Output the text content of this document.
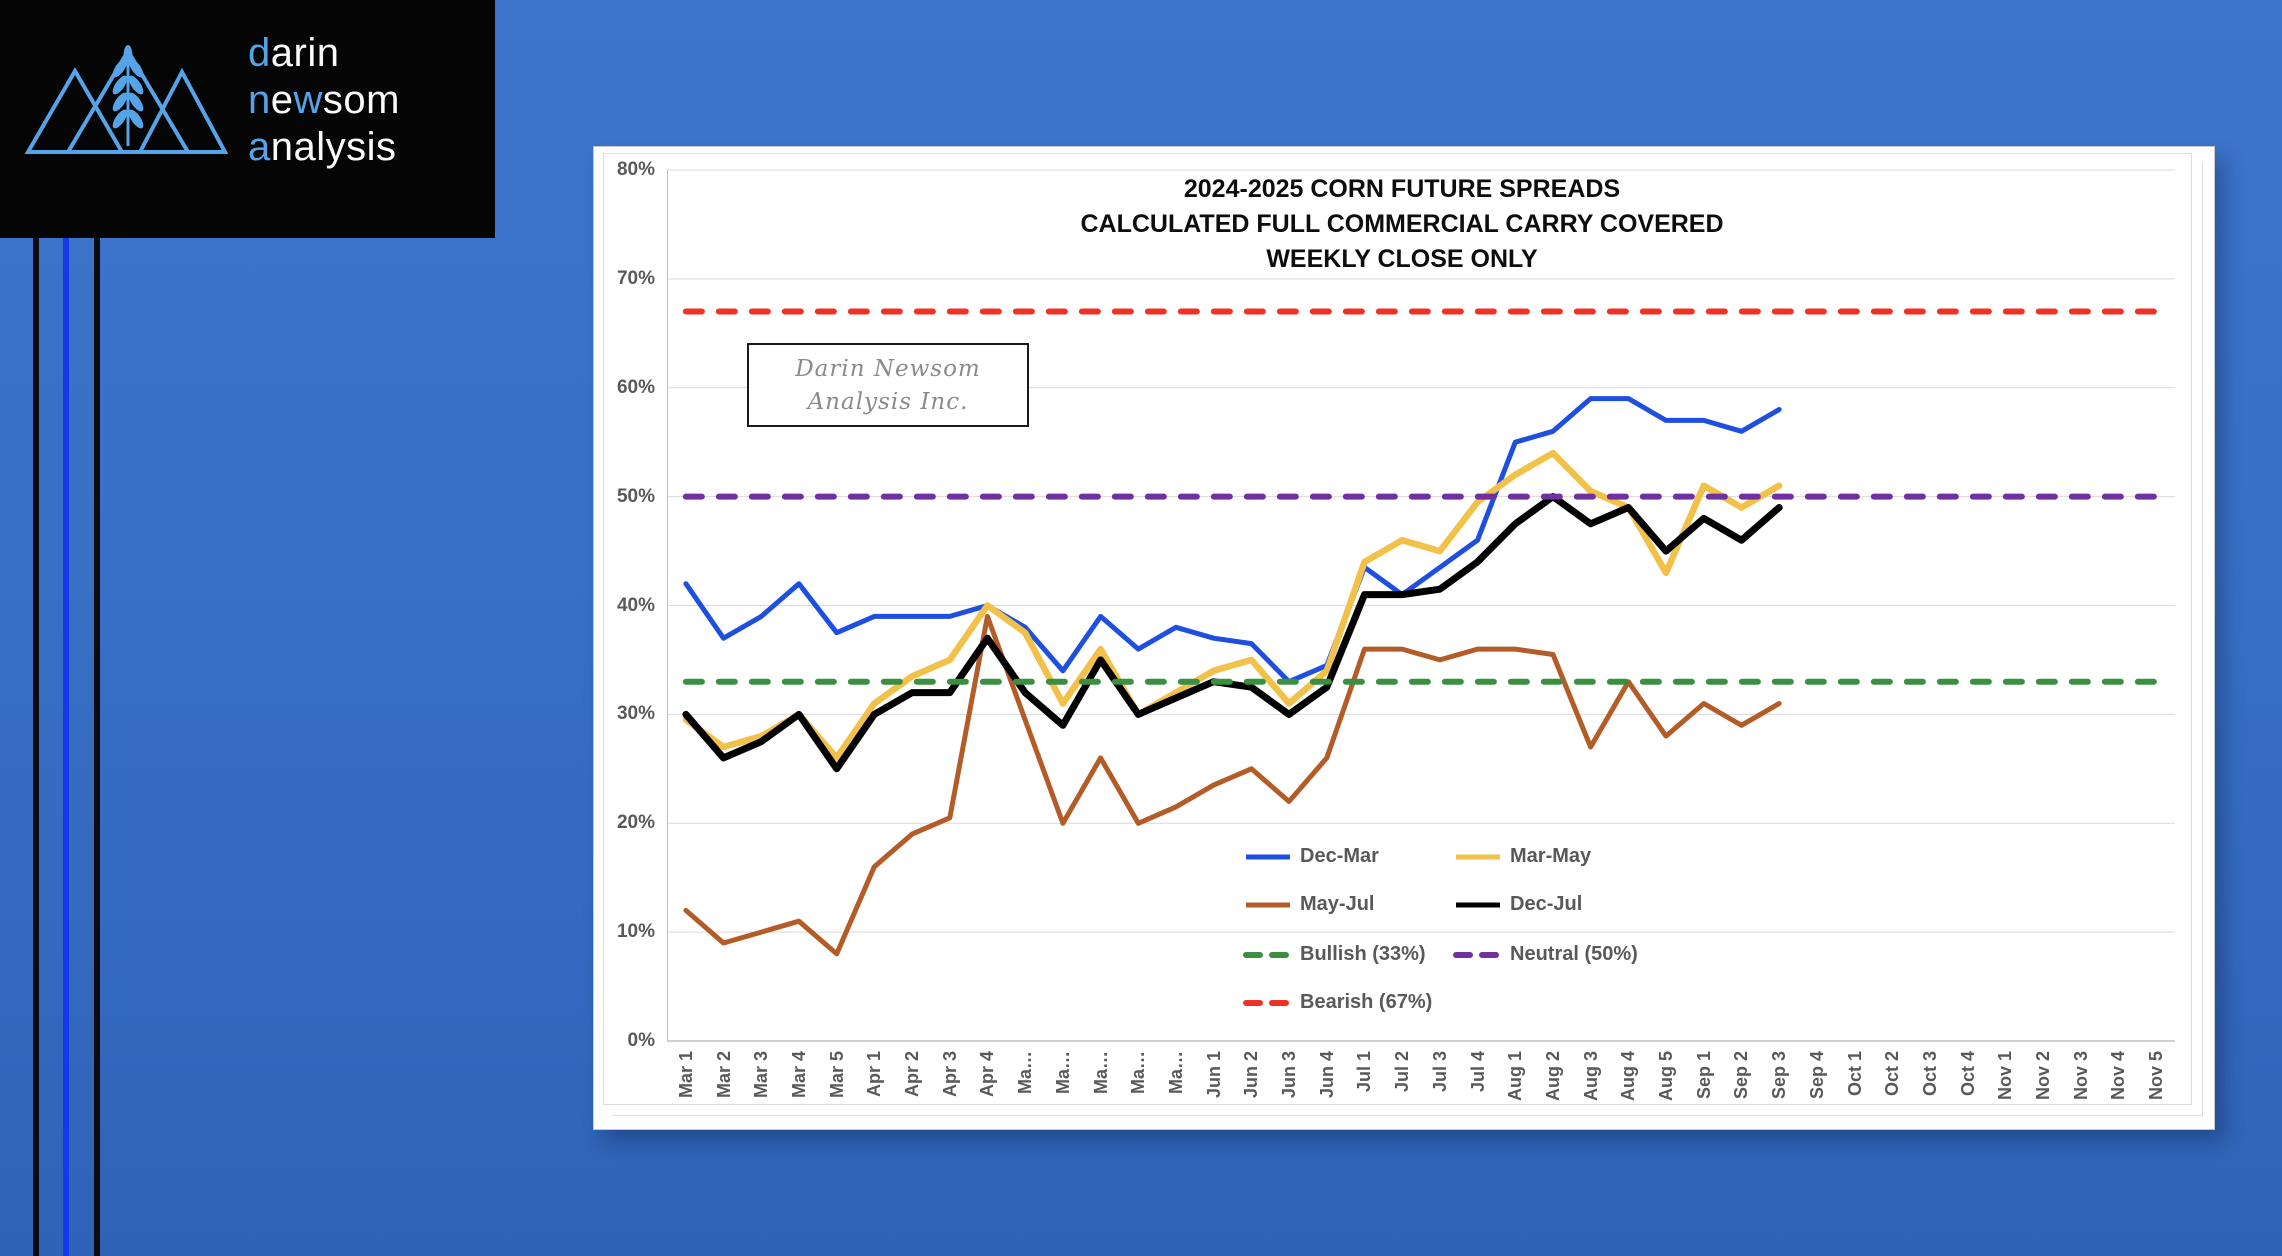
darin
newsom
analysis
2024-2025 CORN FUTURE SPREADS
CALCULATED FULL COMMERCIAL CARRY COVERED
WEEKLY CLOSE ONLY
Darin Newsom
Analysis Inc.
0%
10%
20%
30%
40%
50%
60%
70%
80%
Mar 1 Mar 2 Mar 3 Mar 4 Mar 5 Apr 1 Apr 2 Apr 3 Apr 4 Ma… Ma… Ma… Ma… Ma… Jun 1 Jun 2 Jun 3 Jun 4 Jul 1 Jul 2 Jul 3 Jul 4 Aug 1 Aug 2 Aug 3 Aug 4 Aug 5 Sep 1 Sep 2 Sep 3 Sep 4 Oct 1 Oct 2 Oct 3 Oct 4 Nov 1 Nov 2 Nov 3 Nov 4 Nov 5
Dec-Mar	Mar-May
May-Jul	Dec-Jul
Bullish (33%)	Neutral (50%)
Bearish (67%)
